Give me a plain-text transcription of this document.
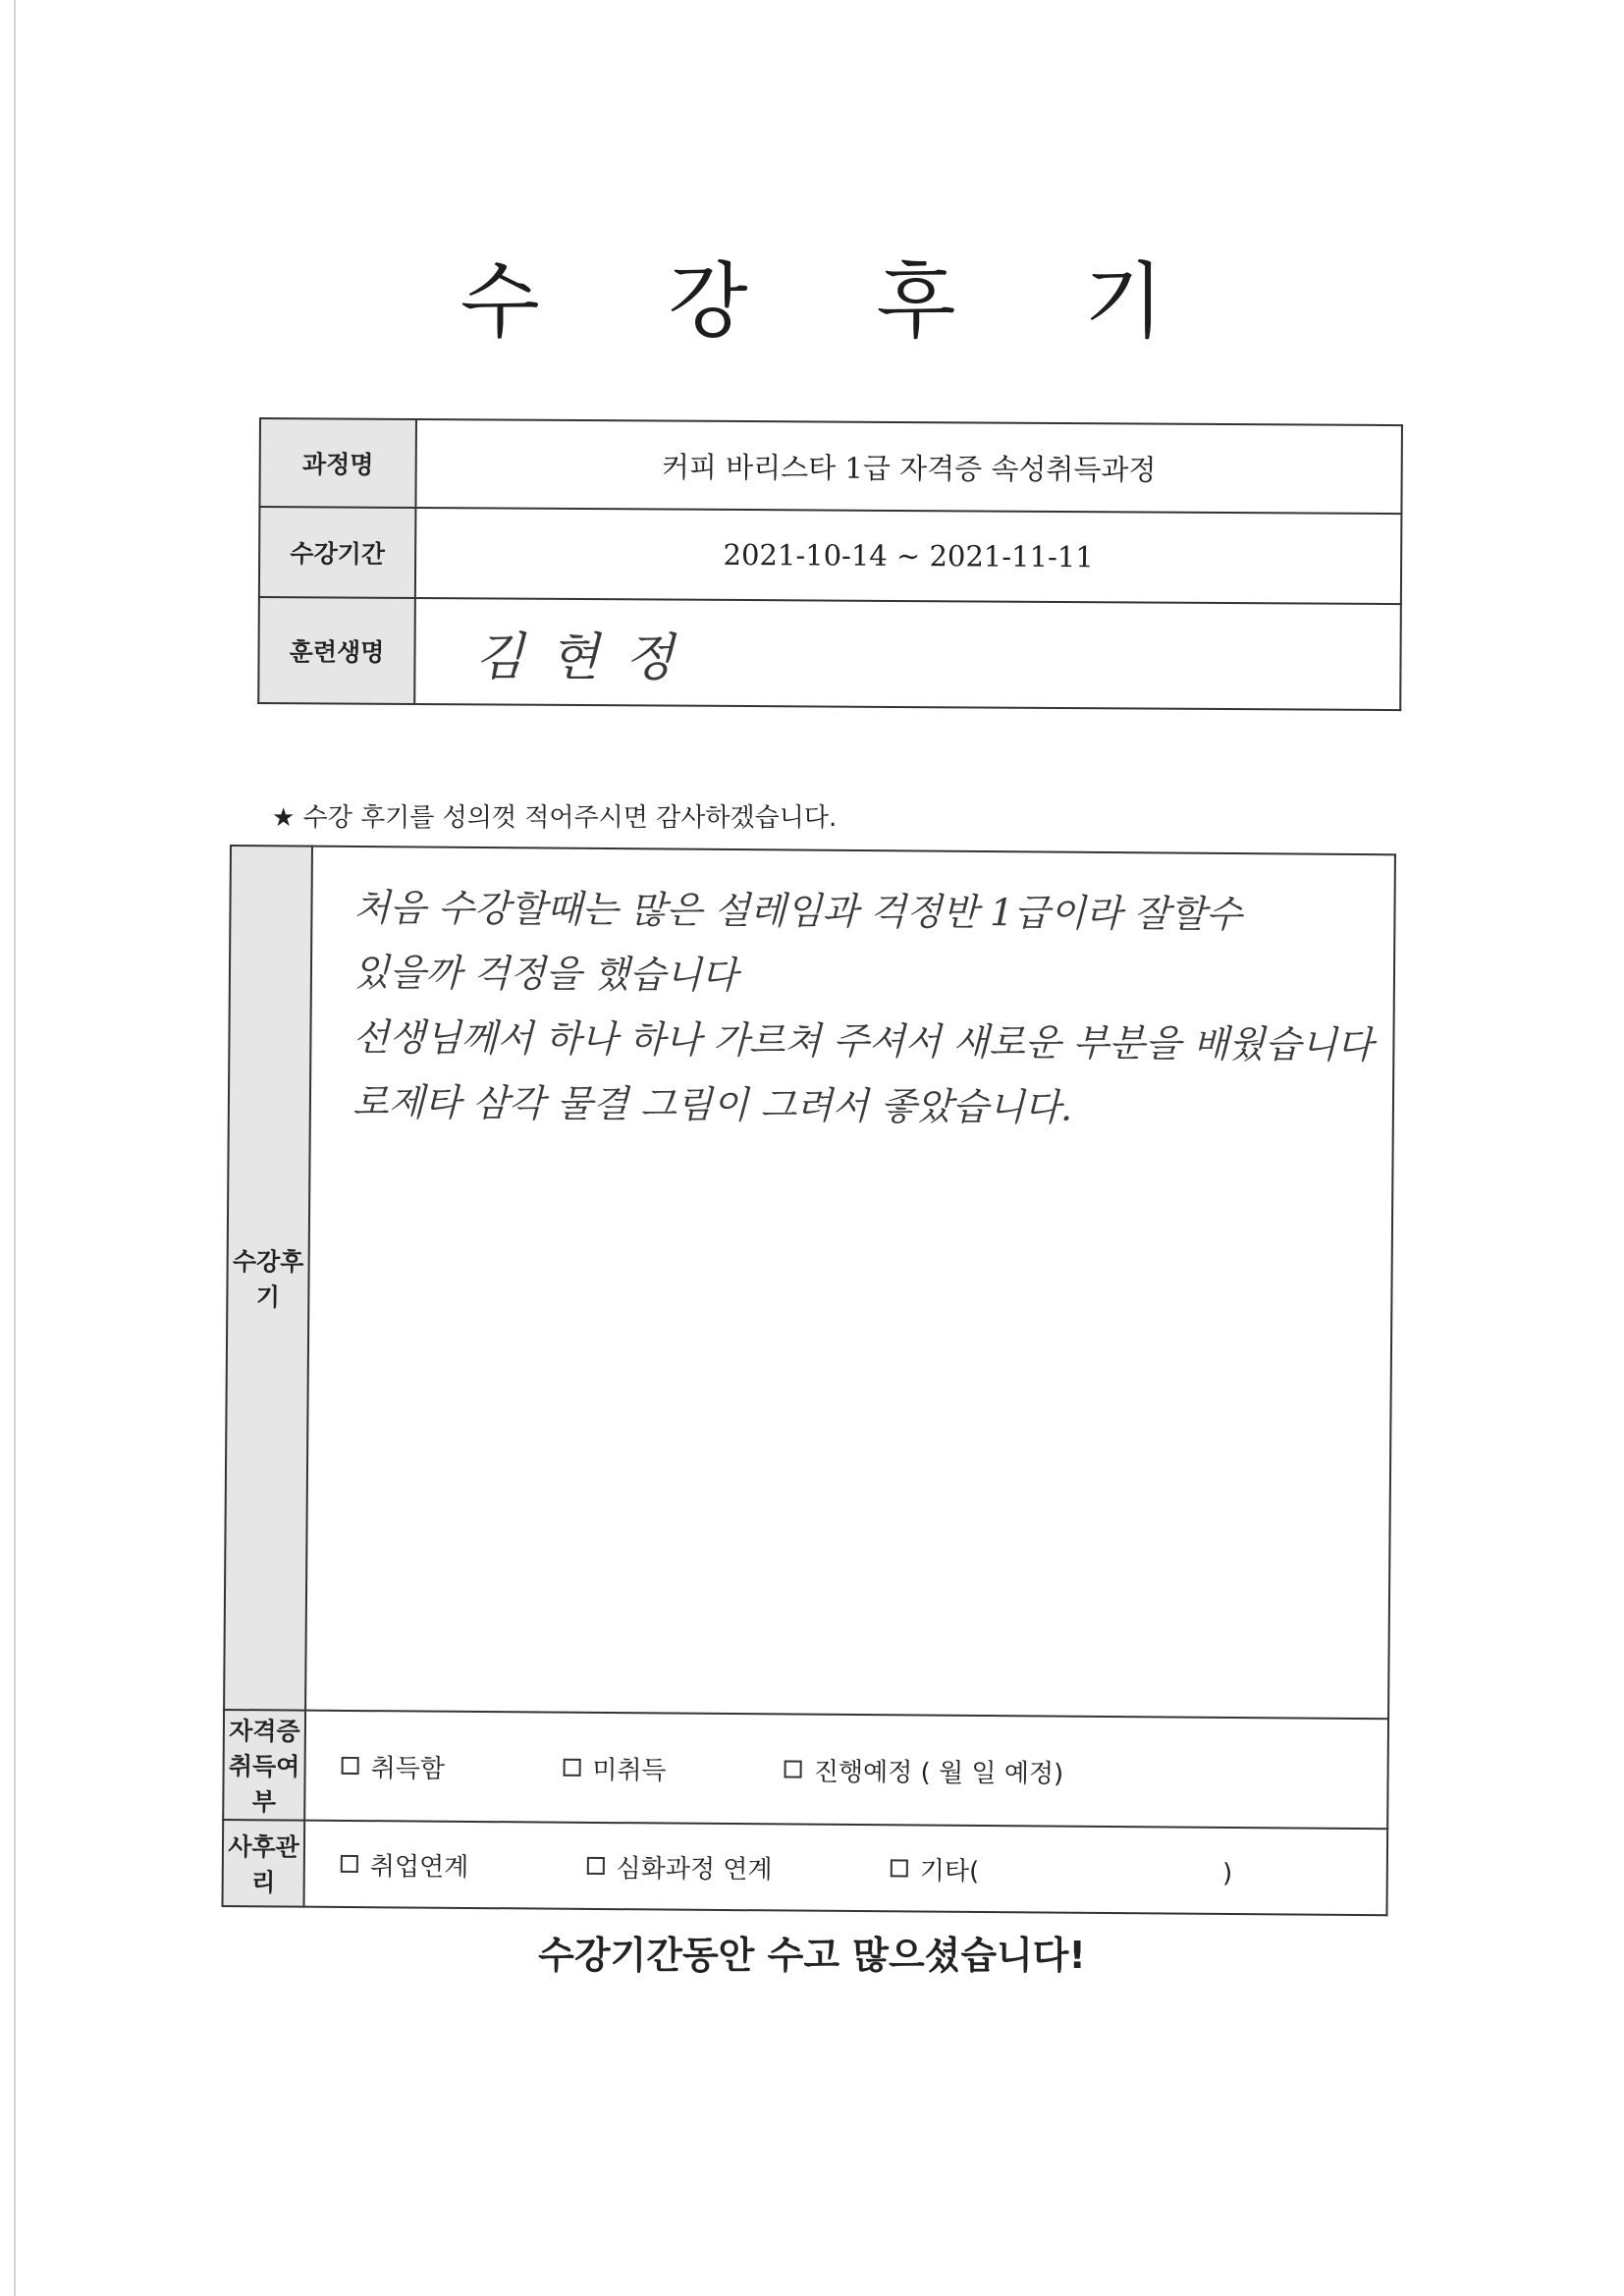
수 강 후 기
과정명	커피 바리스타 1급 자격증 속성취득과정
수강기간	2021-10-14 ~ 2021-11-11
훈련생명	김현정
★ 수강 후기를 성의껏 적어주시면 감사하겠습니다.
수강후기	처음 수강할때는 많은 설레임과 걱정반 1급이라 잘할수
있을까 걱정을 했습니다
선생님께서 하나 하나 가르쳐 주셔서 새로운 부분을 배웠습니다
로제타 삼각 물결 그림이 그려서 좋았습니다.

자격증
취득여부	취득함 미취득 진행예정 ( 월 일 예정)
사후관리	취업연계 심화과정 연계 기타(                              )
수강기간동안 수고 많으셨습니다!
